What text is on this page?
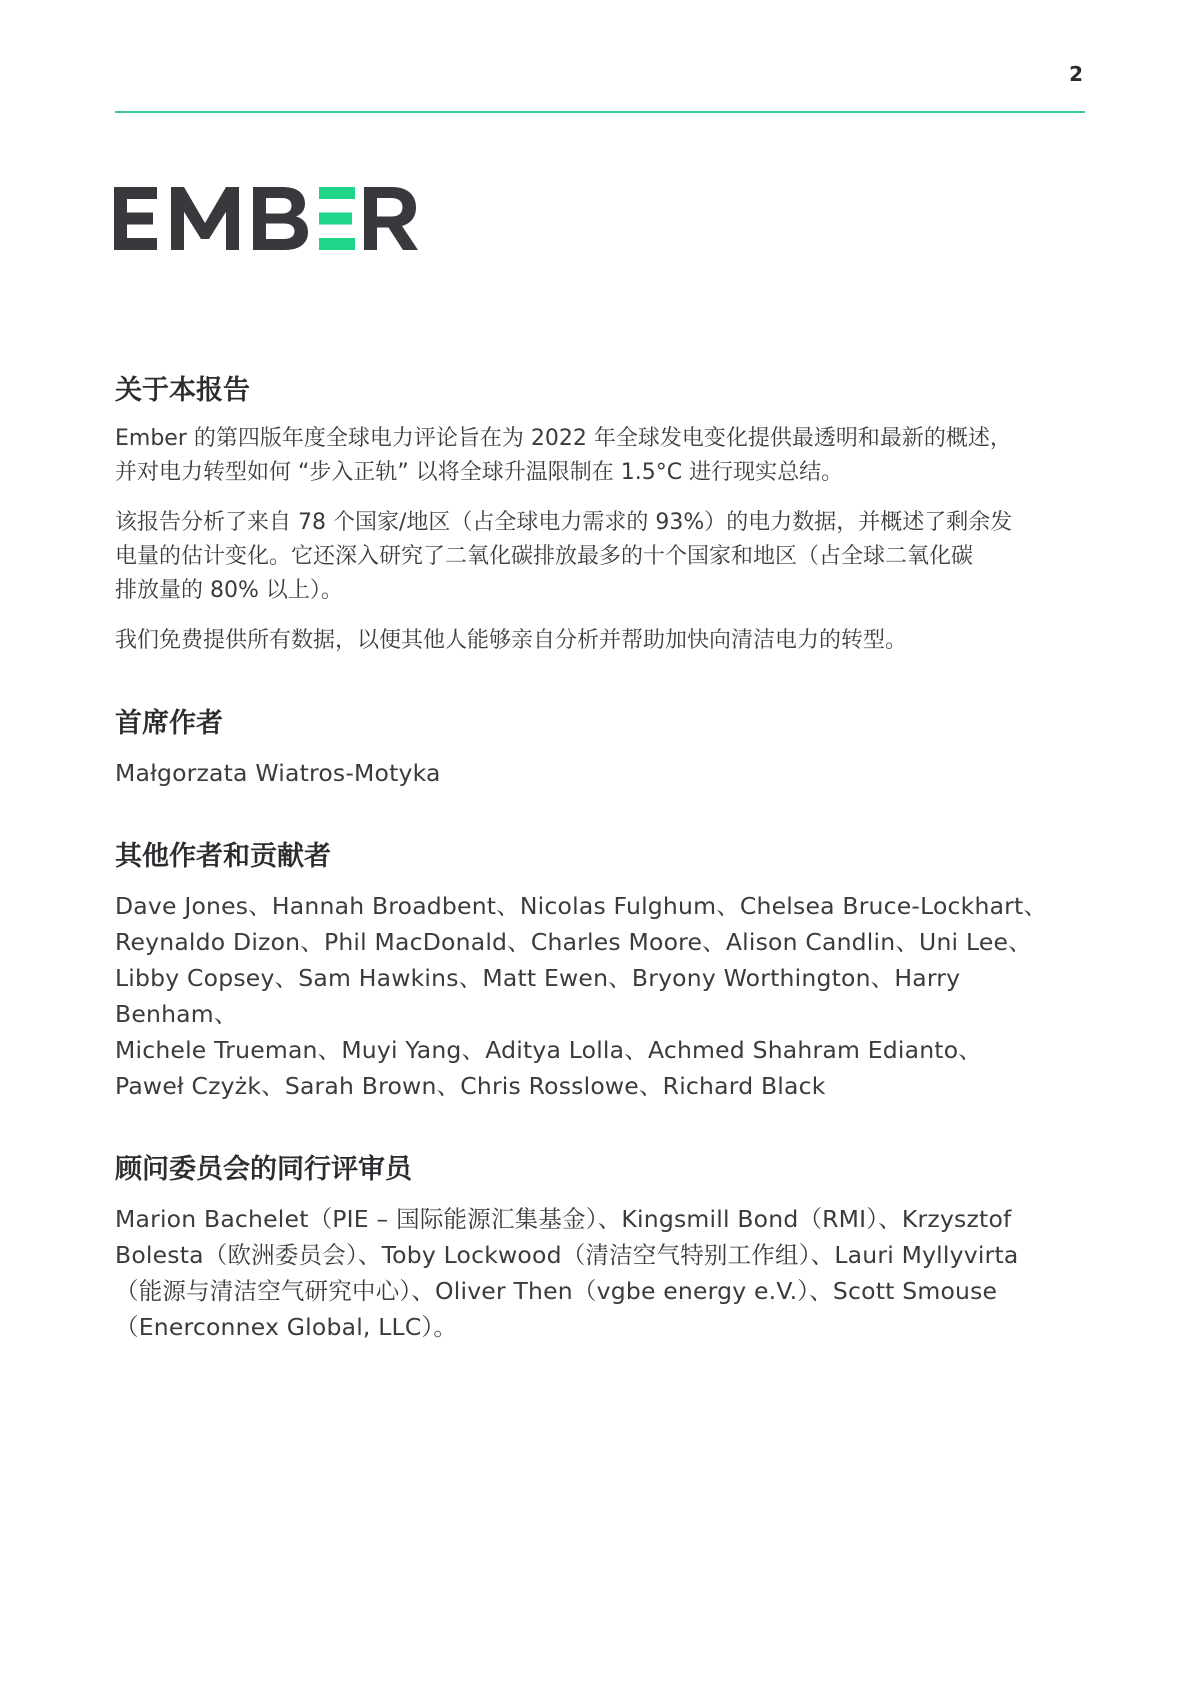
2
关于本报告

Ember 的第四版年度全球电力评论旨在为 2022 年全球发电变化提供最透明和最新的概述，
并对电力转型如何 “步入正轨” 以将全球升温限制在 1.5°C 进行现实总结。

该报告分析了来自 78 个国家/地区（占全球电力需求的 93%）的电力数据，并概述了剩余发
电量的估计变化。它还深入研究了二氧化碳排放最多的十个国家和地区（占全球二氧化碳
排放量的 80% 以上）。

我们免费提供所有数据，以便其他人能够亲自分析并帮助加快向清洁电力的转型。

首席作者

Małgorzata Wiatros-Motyka

其他作者和贡献者

Dave Jones、Hannah Broadbent、Nicolas Fulghum、Chelsea Bruce-Lockhart、

Reynaldo Dizon、Phil MacDonald、Charles Moore、Alison Candlin、Uni Lee、

Libby Copsey、Sam Hawkins、Matt Ewen、Bryony Worthington、Harry Benham、

Michele Trueman、Muyi Yang、Aditya Lolla、Achmed Shahram Edianto、

Paweł Czyżk、Sarah Brown、Chris Rosslowe、Richard Black

顾问委员会的同行评审员

Marion Bachelet（PIE – 国际能源汇集基金）、Kingsmill Bond（RMI）、Krzysztof

Bolesta（欧洲委员会）、Toby Lockwood（清洁空气特别工作组）、Lauri Myllyvirta

（能源与清洁空气研究中心）、Oliver Then（vgbe energy e.V.）、Scott Smouse

（Enerconnex Global, LLC）。
